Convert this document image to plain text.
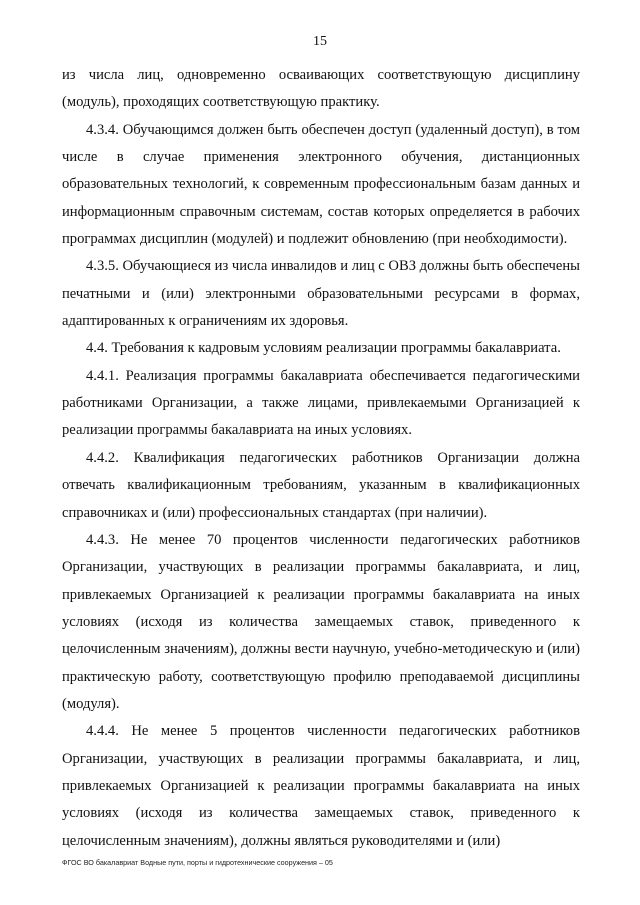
15

из числа лиц, одновременно осваивающих соответствующую дисциплину (модуль), проходящих соответствующую практику.

4.3.4. Обучающимся должен быть обеспечен доступ (удаленный доступ), в том числе в случае применения электронного обучения, дистанционных образовательных технологий, к современным профессиональным базам данных и информационным справочным системам, состав которых определяется в рабочих программах дисциплин (модулей) и подлежит обновлению (при необходимости).

4.3.5. Обучающиеся из числа инвалидов и лиц с ОВЗ должны быть обеспечены печатными и (или) электронными образовательными ресурсами в формах, адаптированных к ограничениям их здоровья.

4.4. Требования к кадровым условиям реализации программы бакалавриата.

4.4.1. Реализация программы бакалавриата обеспечивается педагогическими работниками Организации, а также лицами, привлекаемыми Организацией к реализации программы бакалавриата на иных условиях.

4.4.2. Квалификация педагогических работников Организации должна отвечать квалификационным требованиям, указанным в квалификационных справочниках и (или) профессиональных стандартах (при наличии).

4.4.3. Не менее 70 процентов численности педагогических работников Организации, участвующих в реализации программы бакалавриата, и лиц, привлекаемых Организацией к реализации программы бакалавриата на иных условиях (исходя из количества замещаемых ставок, приведенного к целочисленным значениям), должны вести научную, учебно-методическую и (или) практическую работу, соответствующую профилю преподаваемой дисциплины (модуля).

4.4.4. Не менее 5 процентов численности педагогических работников Организации, участвующих в реализации программы бакалавриата, и лиц, привлекаемых Организацией к реализации программы бакалавриата на иных условиях (исходя из количества замещаемых ставок, приведенного к целочисленным значениям), должны являться руководителями и (или)

ФГОС ВО бакалавриат Водные пути, порты и гидротехнические сооружения – 05
